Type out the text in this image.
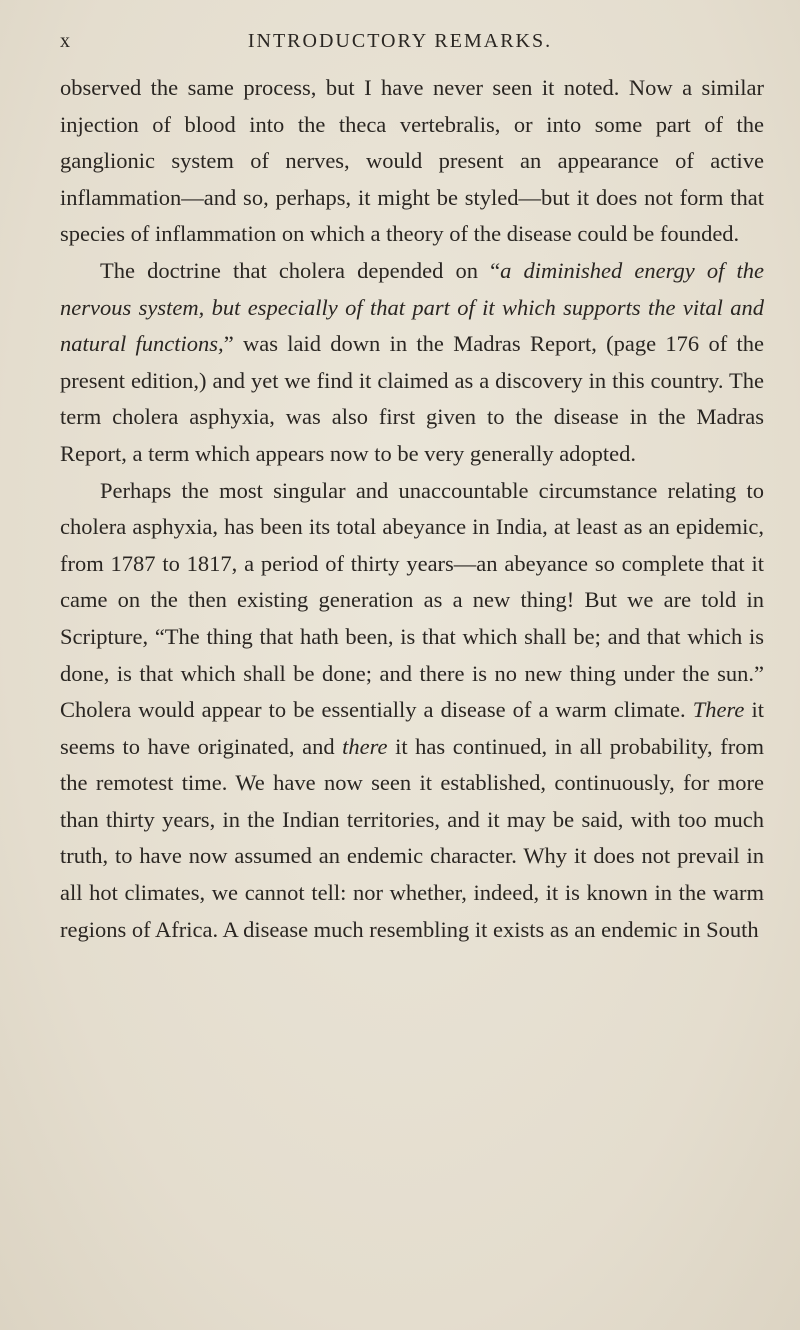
x	INTRODUCTORY REMARKS.

observed the same process, but I have never seen it noted. Now a similar injection of blood into the theca vertebralis, or into some part of the ganglionic system of nerves, would present an appearance of active inflammation—and so, perhaps, it might be styled—but it does not form that species of inflammation on which a theory of the disease could be founded.

The doctrine that cholera depended on “a diminished energy of the nervous system, but especially of that part of it which supports the vital and natural functions,” was laid down in the Madras Report, (page 176 of the present edition,) and yet we find it claimed as a discovery in this country. The term cholera asphyxia, was also first given to the disease in the Madras Report, a term which appears now to be very generally adopted.

Perhaps the most singular and unaccountable circumstance relating to cholera asphyxia, has been its total abeyance in India, at least as an epidemic, from 1787 to 1817, a period of thirty years—an abeyance so complete that it came on the then existing generation as a new thing! But we are told in Scripture, “The thing that hath been, is that which shall be; and that which is done, is that which shall be done; and there is no new thing under the sun.” Cholera would appear to be essentially a disease of a warm climate. There it seems to have originated, and there it has continued, in all probability, from the remotest time. We have now seen it established, continuously, for more than thirty years, in the Indian territories, and it may be said, with too much truth, to have now assumed an endemic character. Why it does not prevail in all hot climates, we cannot tell: nor whether, indeed, it is known in the warm regions of Africa. A disease much resembling it exists as an endemic in South
